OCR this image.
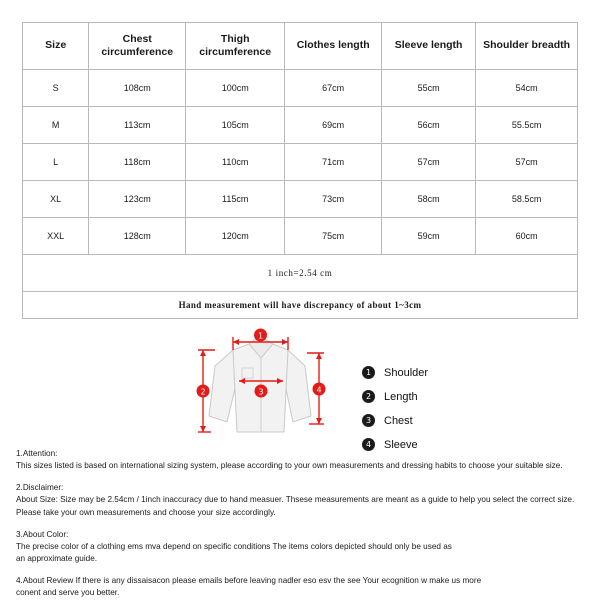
Size	Chest circumference	Thigh circumference	Clothes length	Sleeve length	Shoulder breadth
S	108cm	100cm	67cm	55cm	54cm
M	113cm	105cm	69cm	56cm	55.5cm
L	118cm	110cm	71cm	57cm	57cm
XL	123cm	115cm	73cm	58cm	58.5cm
XXL	128cm	120cm	75cm	59cm	60cm
1 inch=2.54 cm					
Hand measurement will have discrepancy of about 1~3cm					
1
2	3	4
1	Shoulder
2	Length
3	Chest
4	Sleeve

1.Attention:

This sizes listed is based on international sizing system, please according to your own measurements and dressing habits to choose your suitable size.

2.Disclaimer:

About Size: Size may be 2.54cm / 1inch inaccuracy due to hand measuer. Thsese measurements are meant as a guide to help you select the correct size.

Please take your own measurements and choose your size accordingly.

3.About Color:

The precise color of a clothing ems mva depend on specific conditions The items colors depicted should only be used as

an approximate guide.

4.About Review If there is any dissaisacon please emails before leaving nadler eso esv the see Your ecognition w make us more

conent and serve you better.
